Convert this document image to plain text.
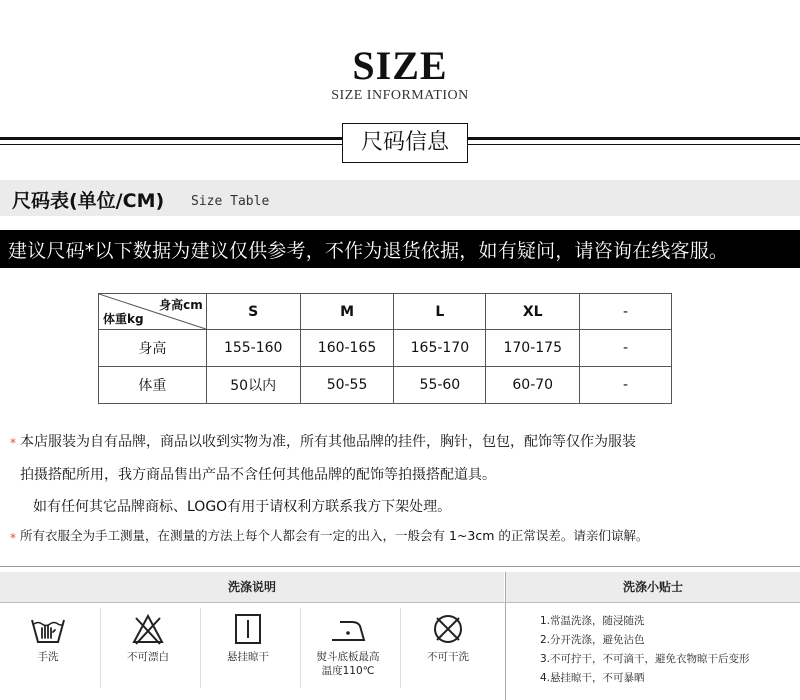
SIZE
SIZE INFORMATION
尺码信息
尺码表(单位/CM) Size Table
建议尺码*以下数据为建议仅供参考，不作为退货依据，如有疑问，请咨询在线客服。
身高cm
体重kg	S	M	L	XL	-
身高	155-160	160-165	165-170	170-175	-
体重	50以内	50-55	55-60	60-70	-
* 本店服装为自有品牌，商品以收到实物为准，所有其他品牌的挂件，胸针，包包，配饰等仅作为服装
拍摄搭配所用，我方商品售出产品不含任何其他品牌的配饰等拍摄搭配道具。
如有任何其它品牌商标、LOGO有用于请权利方联系我方下架处理。
* 所有衣服全为手工测量，在测量的方法上每个人都会有一定的出入，一般会有 1~3cm 的正常误差。请亲们谅解。
洗涤说明	洗涤小贴士
手洗	不可漂白	悬挂晾干	熨斗底板最高
温度110℃
不可干洗
1.常温洗涤，随浸随洗
2.分开洗涤，避免沾色
3.不可拧干，不可滴干，避免衣物晾干后变形
4.悬挂晾干，不可暴晒
